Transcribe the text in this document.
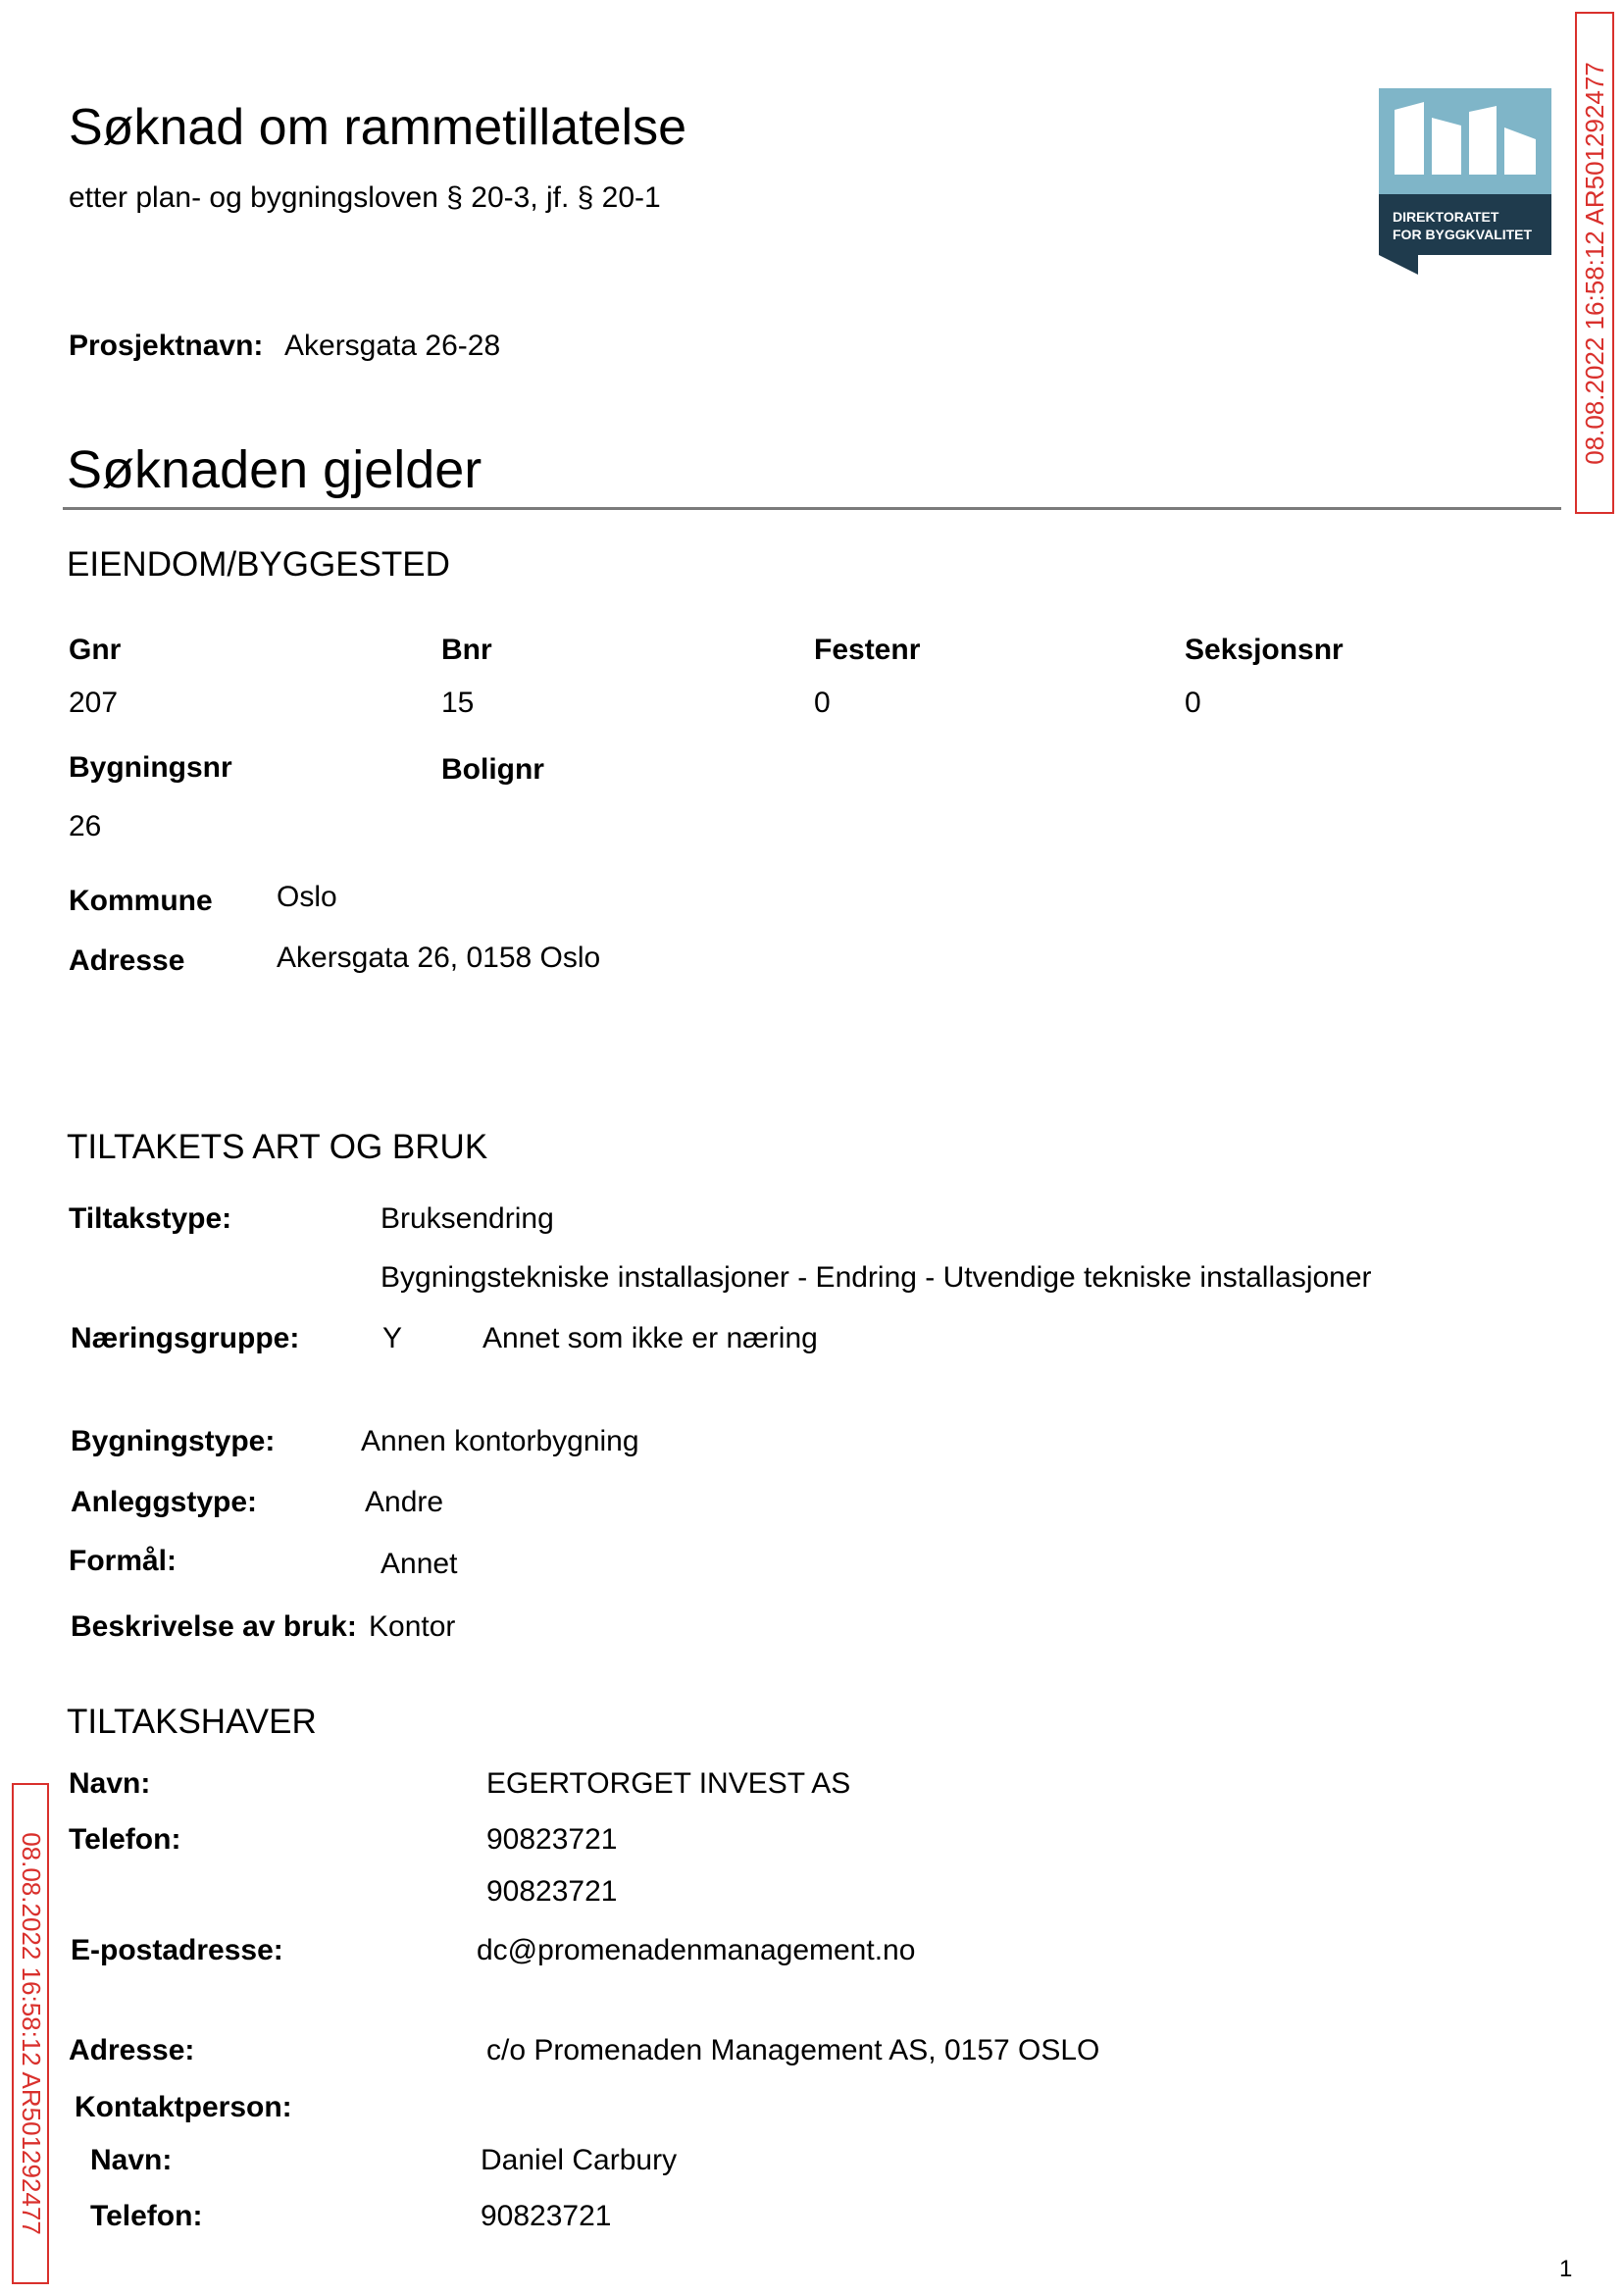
Søknad om rammetillatelse
etter plan- og bygningsloven § 20-3, jf. § 20-1
DIREKTORATET
FOR BYGGKVALITET
Prosjektnavn: Akersgata 26-28
Søknaden gjelder
EIENDOM/BYGGESTED
Gnr
207
Bnr
15
Festenr
0
Seksjonsnr
0
Bygningsnr
26
Bolignr
Kommune Oslo
Adresse	Akersgata 26, 0158 Oslo
TILTAKETS ART OG BRUK
Tiltakstype:	Bruksendring
Bygningstekniske installasjoner - Endring - Utvendige tekniske installasjoner
Næringsgruppe:	Y	Annet som ikke er næring
Bygningstype:	Annen kontorbygning
Anleggstype:	Andre
Formål:	Annet
Beskrivelse av bruk: Kontor
TILTAKSHAVER
Navn:	EGERTORGET INVEST AS
Telefon:	90823721
90823721
E-postadresse:	dc@promenadenmanagement.no
Adresse:	c/o Promenaden Management AS, 0157 OSLO
Kontaktperson:
Navn:	Daniel Carbury
Telefon:	90823721
08.08.2022 16:58:12 AR501292477
08.08.2022 16:58:12 AR501292477
1
